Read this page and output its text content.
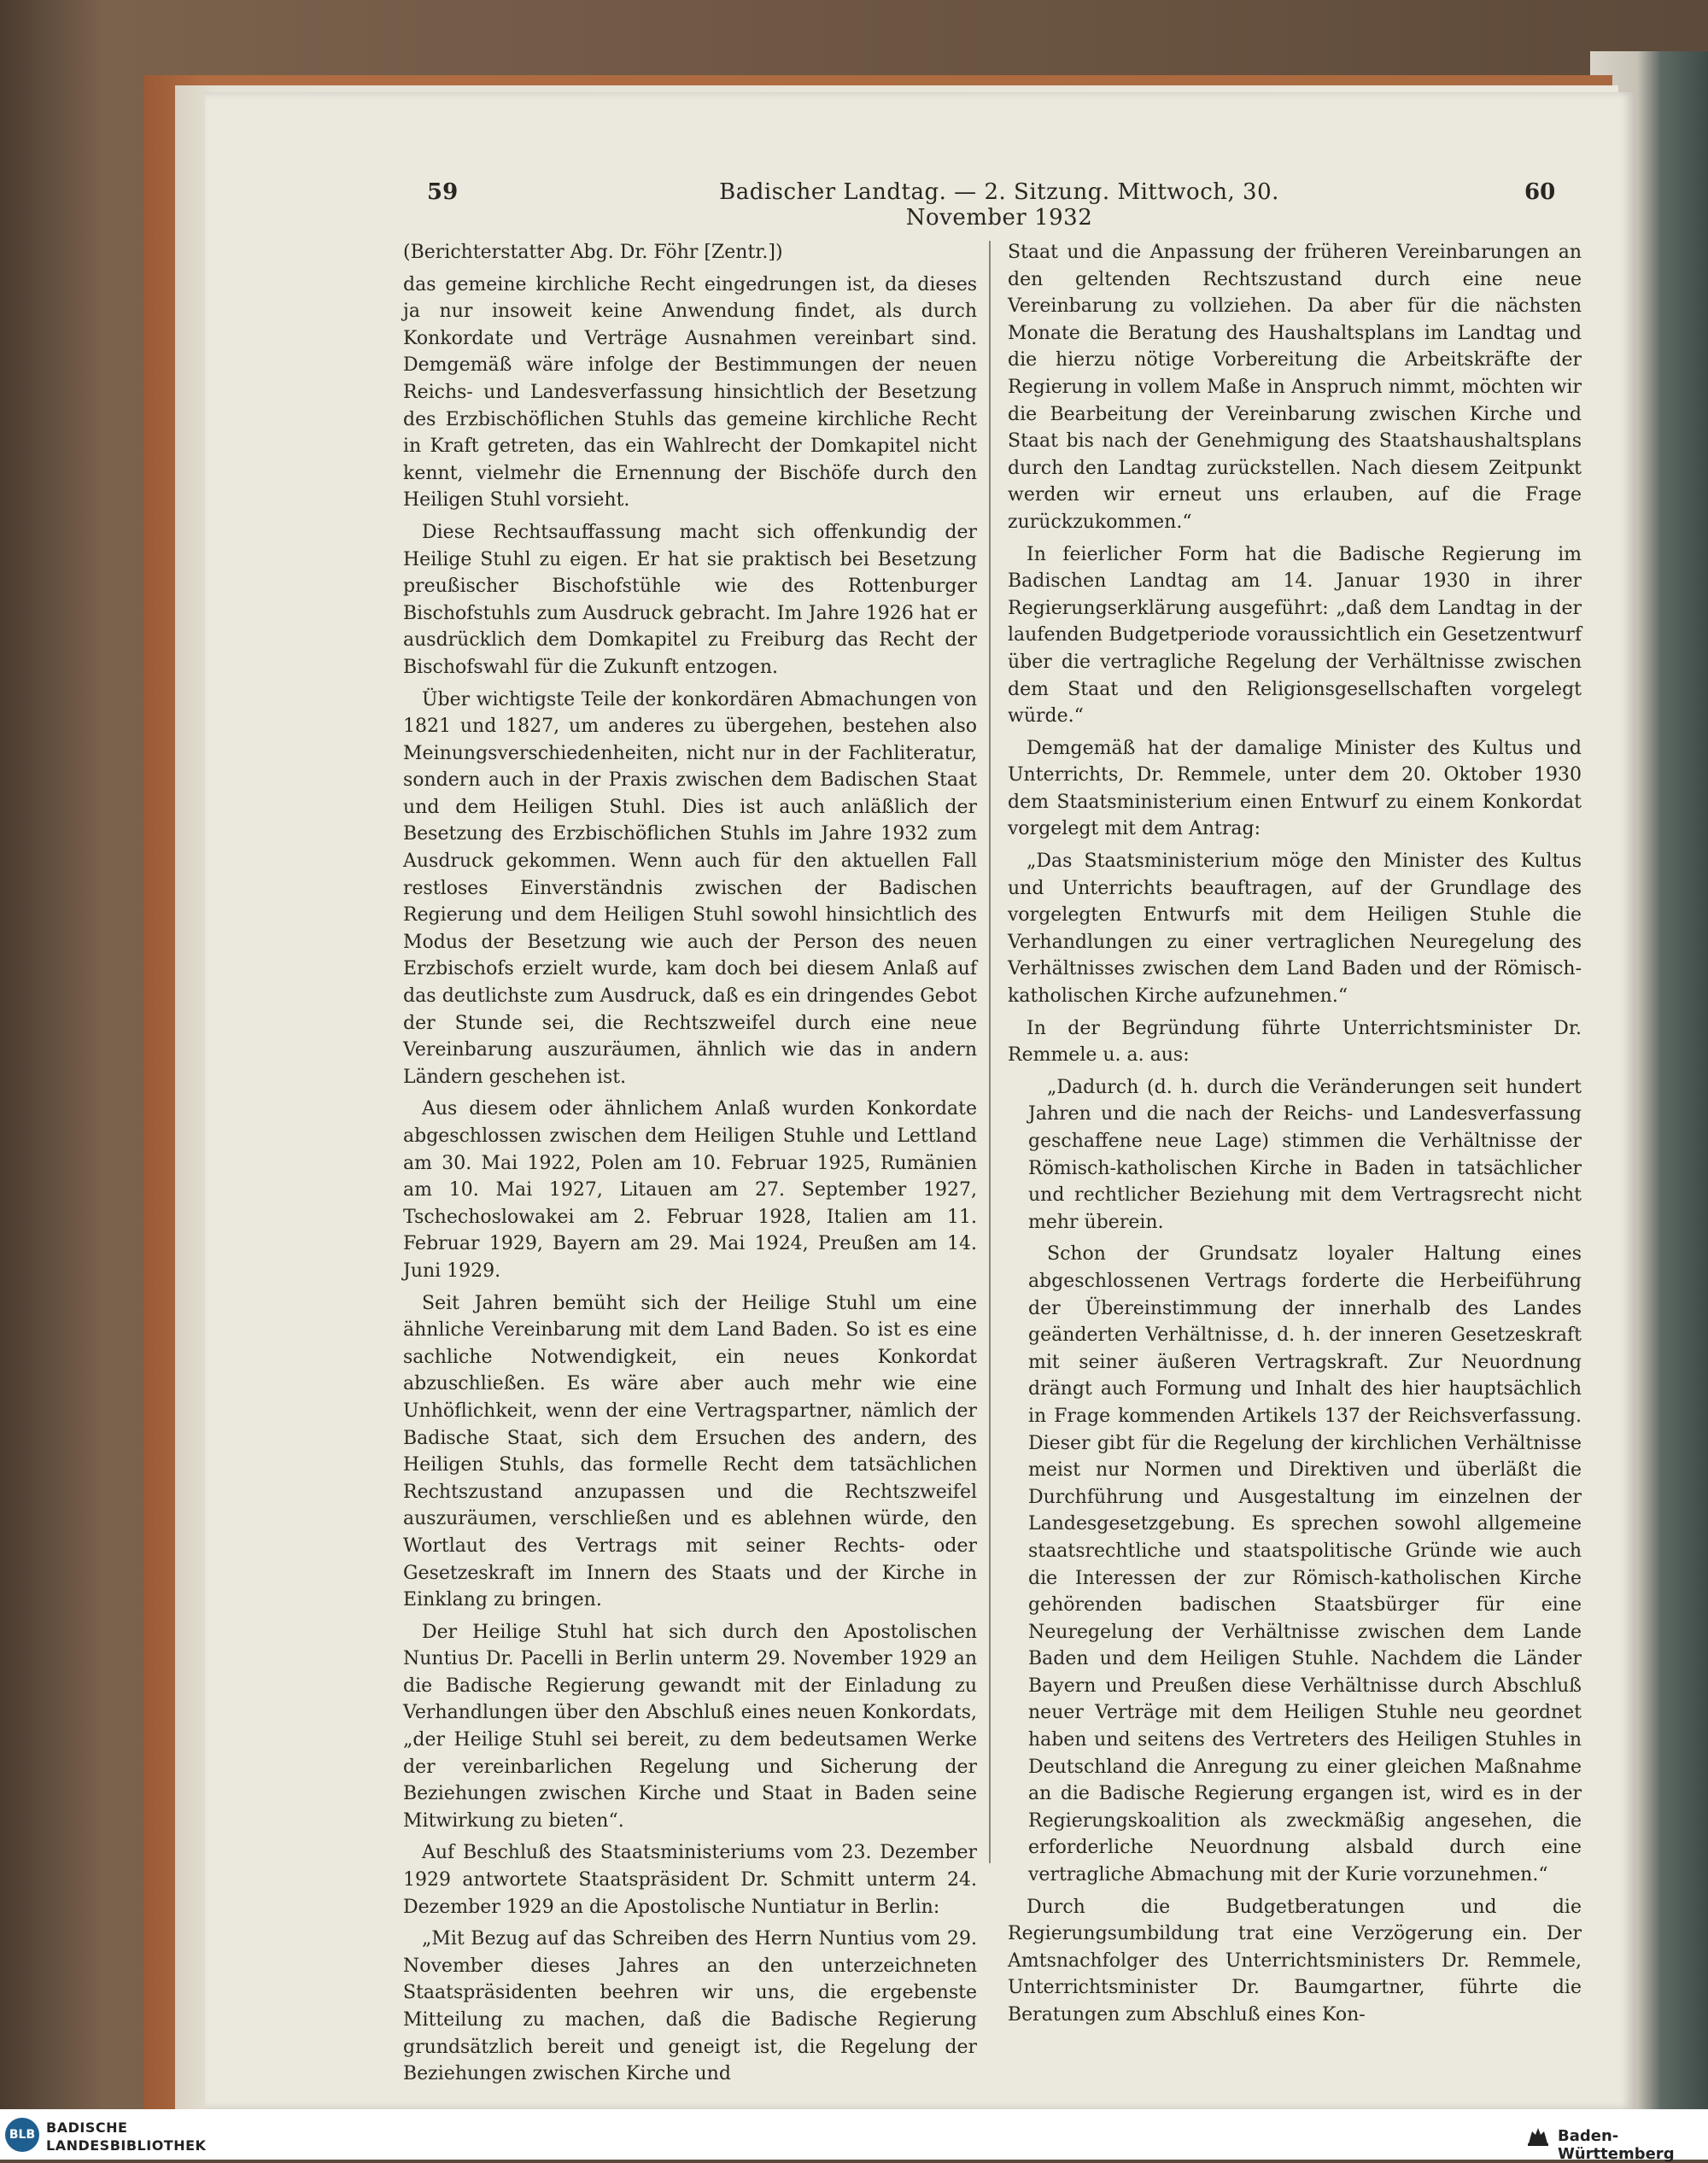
59	Badischer Landtag. — 2. Sitzung. Mittwoch, 30. November 1932
60

(Berichterstatter Abg. Dr. Föhr [Zentr.])

das gemeine kirchliche Recht eingedrungen ist, da dieses ja nur insoweit keine Anwendung findet, als durch Konkordate und Verträge Ausnahmen vereinbart sind. Demgemäß wäre infolge der Bestimmungen der neuen Reichs- und Landesverfassung hinsichtlich der Besetzung des Erzbischöflichen Stuhls das gemeine kirchliche Recht in Kraft getreten, das ein Wahlrecht der Domkapitel nicht kennt, vielmehr die Ernennung der Bischöfe durch den Heiligen Stuhl vorsieht.

Diese Rechtsauffassung macht sich offenkundig der Heilige Stuhl zu eigen. Er hat sie praktisch bei Besetzung preußischer Bischofstühle wie des Rottenburger Bischofstuhls zum Ausdruck gebracht. Im Jahre 1926 hat er ausdrücklich dem Domkapitel zu Freiburg das Recht der Bischofswahl für die Zukunft entzogen.

Über wichtigste Teile der konkordären Abmachungen von 1821 und 1827, um anderes zu übergehen, bestehen also Meinungsverschiedenheiten, nicht nur in der Fachliteratur, sondern auch in der Praxis zwischen dem Badischen Staat und dem Heiligen Stuhl. Dies ist auch anläßlich der Besetzung des Erzbischöflichen Stuhls im Jahre 1932 zum Ausdruck gekommen. Wenn auch für den aktuellen Fall restloses Einverständnis zwischen der Badischen Regierung und dem Heiligen Stuhl sowohl hinsichtlich des Modus der Besetzung wie auch der Person des neuen Erzbischofs erzielt wurde, kam doch bei diesem Anlaß auf das deutlichste zum Ausdruck, daß es ein dringendes Gebot der Stunde sei, die Rechtszweifel durch eine neue Vereinbarung auszuräumen, ähnlich wie das in andern Ländern geschehen ist.

Aus diesem oder ähnlichem Anlaß wurden Konkordate abgeschlossen zwischen dem Heiligen Stuhle und Lettland am 30. Mai 1922, Polen am 10. Februar 1925, Rumänien am 10. Mai 1927, Litauen am 27. September 1927, Tschechoslowakei am 2. Februar 1928, Italien am 11. Februar 1929, Bayern am 29. Mai 1924, Preußen am 14. Juni 1929.

Seit Jahren bemüht sich der Heilige Stuhl um eine ähnliche Vereinbarung mit dem Land Baden. So ist es eine sachliche Notwendigkeit, ein neues Konkordat abzuschließen. Es wäre aber auch mehr wie eine Unhöflichkeit, wenn der eine Vertragspartner, nämlich der Badische Staat, sich dem Ersuchen des andern, des Heiligen Stuhls, das formelle Recht dem tatsächlichen Rechtszustand anzupassen und die Rechtszweifel auszuräumen, verschließen und es ablehnen würde, den Wortlaut des Vertrags mit seiner Rechts- oder Gesetzeskraft im Innern des Staats und der Kirche in Einklang zu bringen.

Der Heilige Stuhl hat sich durch den Apostolischen Nuntius Dr. Pacelli in Berlin unterm 29. November 1929 an die Badische Regierung gewandt mit der Einladung zu Verhandlungen über den Abschluß eines neuen Konkordats, „der Heilige Stuhl sei bereit, zu dem bedeutsamen Werke der vereinbarlichen Regelung und Sicherung der Beziehungen zwischen Kirche und Staat in Baden seine Mitwirkung zu bieten“.

Auf Beschluß des Staatsministeriums vom 23. Dezember 1929 antwortete Staatspräsident Dr. Schmitt unterm 24. Dezember 1929 an die Apostolische Nuntiatur in Berlin:

„Mit Bezug auf das Schreiben des Herrn Nuntius vom 29. November dieses Jahres an den unterzeichneten Staatspräsidenten beehren wir uns, die ergebenste Mitteilung zu machen, daß die Badische Regierung grundsätzlich bereit und geneigt ist, die Regelung der Beziehungen zwischen Kirche und

Staat und die Anpassung der früheren Vereinbarungen an den geltenden Rechtszustand durch eine neue Vereinbarung zu vollziehen. Da aber für die nächsten Monate die Beratung des Haushaltsplans im Landtag und die hierzu nötige Vorbereitung die Arbeitskräfte der Regierung in vollem Maße in Anspruch nimmt, möchten wir die Bearbeitung der Vereinbarung zwischen Kirche und Staat bis nach der Genehmigung des Staatshaushaltsplans durch den Landtag zurückstellen. Nach diesem Zeitpunkt werden wir erneut uns erlauben, auf die Frage zurückzukommen.“

In feierlicher Form hat die Badische Regierung im Badischen Landtag am 14. Januar 1930 in ihrer Regierungserklärung ausgeführt: „daß dem Landtag in der laufenden Budgetperiode voraussichtlich ein Gesetzentwurf über die vertragliche Regelung der Verhältnisse zwischen dem Staat und den Religionsgesellschaften vorgelegt würde.“

Demgemäß hat der damalige Minister des Kultus und Unterrichts, Dr. Remmele, unter dem 20. Oktober 1930 dem Staatsministerium einen Entwurf zu einem Konkordat vorgelegt mit dem Antrag:

„Das Staatsministerium möge den Minister des Kultus und Unterrichts beauftragen, auf der Grundlage des vorgelegten Entwurfs mit dem Heiligen Stuhle die Verhandlungen zu einer vertraglichen Neuregelung des Verhältnisses zwischen dem Land Baden und der Römisch-katholischen Kirche aufzunehmen.“

In der Begründung führte Unterrichtsminister Dr. Remmele u. a. aus:

„Dadurch (d. h. durch die Veränderungen seit hundert Jahren und die nach der Reichs- und Landesverfassung geschaffene neue Lage) stimmen die Verhältnisse der Römisch-katholischen Kirche in Baden in tatsächlicher und rechtlicher Beziehung mit dem Vertragsrecht nicht mehr überein.

Schon der Grundsatz loyaler Haltung eines abgeschlossenen Vertrags forderte die Herbeiführung der Übereinstimmung der innerhalb des Landes geänderten Verhältnisse, d. h. der inneren Gesetzeskraft mit seiner äußeren Vertragskraft. Zur Neuordnung drängt auch Formung und Inhalt des hier hauptsächlich in Frage kommenden Artikels 137 der Reichsverfassung. Dieser gibt für die Regelung der kirchlichen Verhältnisse meist nur Normen und Direktiven und überläßt die Durchführung und Ausgestaltung im einzelnen der Landesgesetzgebung. Es sprechen sowohl allgemeine staatsrechtliche und staatspolitische Gründe wie auch die Interessen der zur Römisch-katholischen Kirche gehörenden badischen Staatsbürger für eine Neuregelung der Verhältnisse zwischen dem Lande Baden und dem Heiligen Stuhle. Nachdem die Länder Bayern und Preußen diese Verhältnisse durch Abschluß neuer Verträge mit dem Heiligen Stuhle neu geordnet haben und seitens des Vertreters des Heiligen Stuhles in Deutschland die Anregung zu einer gleichen Maßnahme an die Badische Regierung ergangen ist, wird es in der Regierungskoalition als zweckmäßig angesehen, die erforderliche Neuordnung alsbald durch eine vertragliche Abmachung mit der Kurie vorzunehmen.“

Durch die Budgetberatungen und die Regierungsumbildung trat eine Verzögerung ein. Der Amtsnachfolger des Unterrichtsministers Dr. Remmele, Unterrichtsminister Dr. Baumgartner, führte die Beratungen zum Abschluß eines Kon-

BLB BADISCHE
LANDESBIBLIOTHEK
Baden-Württemberg
